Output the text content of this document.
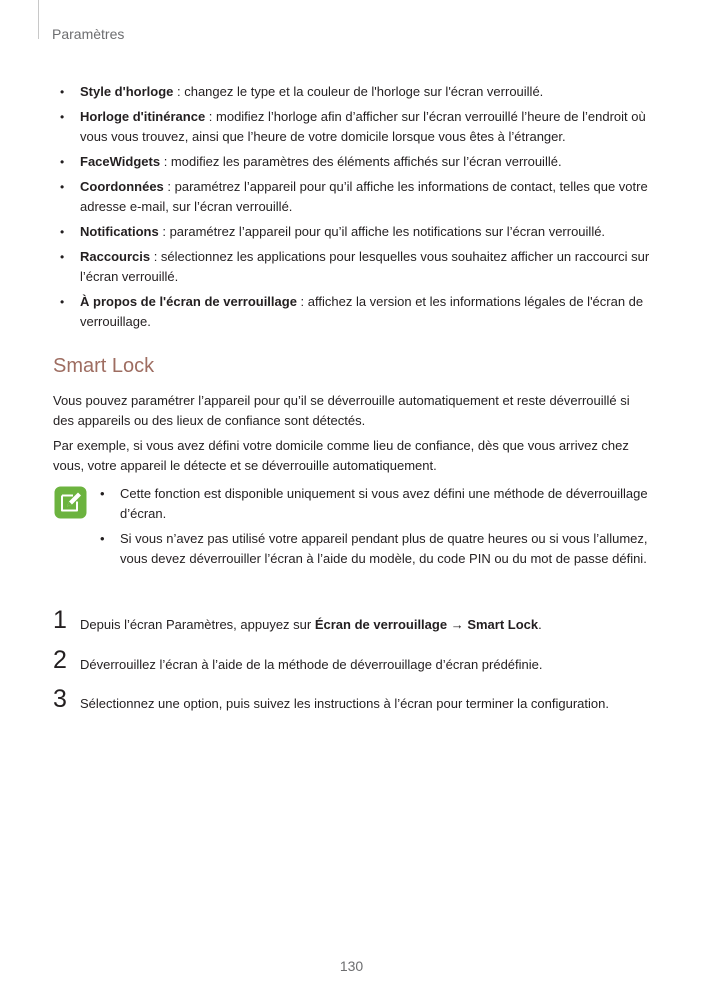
Paramètres
• Style d'horloge : changez le type et la couleur de l'horloge sur l'écran verrouillé.
• Horloge d'itinérance : modifiez l’horloge afin d’afficher sur l’écran verrouillé l’heure de l’endroit où vous vous trouvez, ainsi que l’heure de votre domicile lorsque vous êtes à l’étranger.
• FaceWidgets : modifiez les paramètres des éléments affichés sur l’écran verrouillé.
• Coordonnées : paramétrez l’appareil pour qu’il affiche les informations de contact, telles que votre adresse e-mail, sur l’écran verrouillé.
• Notifications : paramétrez l’appareil pour qu’il affiche les notifications sur l’écran verrouillé.
• Raccourcis : sélectionnez les applications pour lesquelles vous souhaitez afficher un raccourci sur l’écran verrouillé.
• À propos de l'écran de verrouillage : affichez la version et les informations légales de l'écran de verrouillage.
Smart Lock

Vous pouvez paramétrer l’appareil pour qu’il se déverrouille automatiquement et reste déverrouillé si des appareils ou des lieux de confiance sont détectés.

Par exemple, si vous avez défini votre domicile comme lieu de confiance, dès que vous arrivez chez vous, votre appareil le détecte et se déverrouille automatiquement.

• Cette fonction est disponible uniquement si vous avez défini une méthode de déverrouillage d’écran.
• Si vous n’avez pas utilisé votre appareil pendant plus de quatre heures ou si vous l’allumez, vous devez déverrouiller l’écran à l’aide du modèle, du code PIN ou du mot de passe défini.
1 Depuis l’écran Paramètres, appuyez sur Écran de verrouillage → Smart Lock.
2 Déverrouillez l’écran à l’aide de la méthode de déverrouillage d’écran prédéfinie.
3 Sélectionnez une option, puis suivez les instructions à l’écran pour terminer la configuration.
130
